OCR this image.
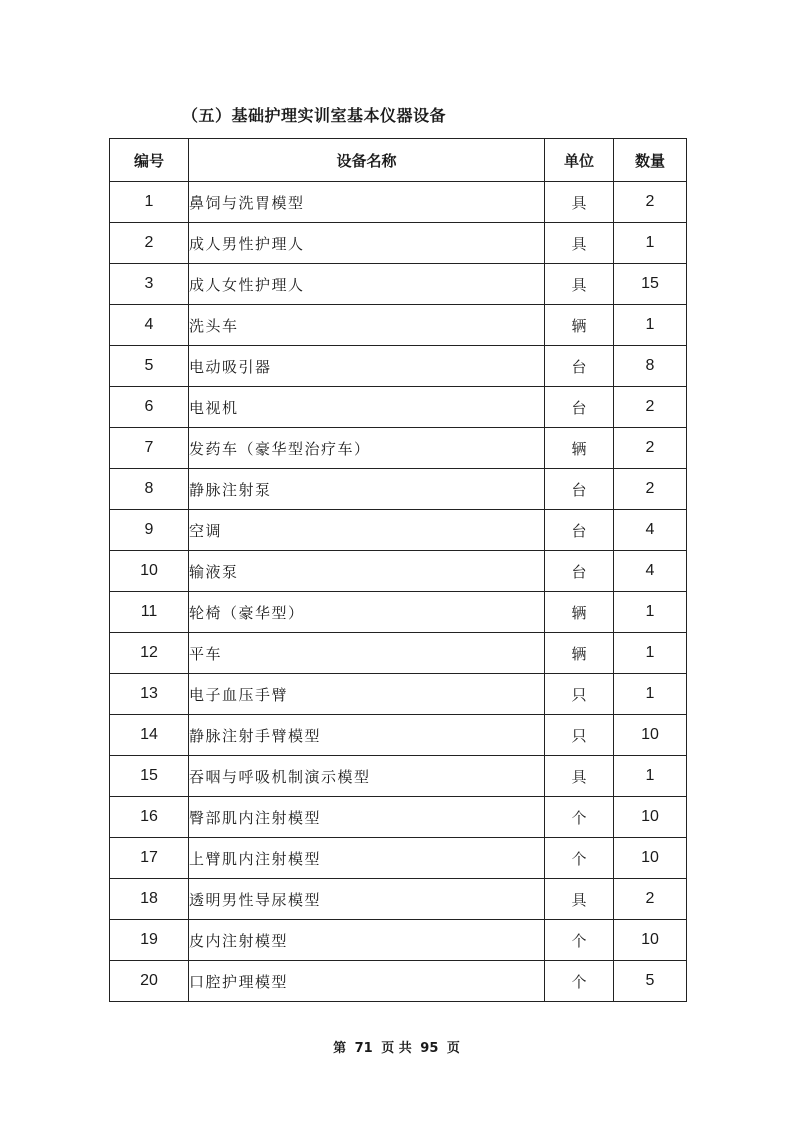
（五）基础护理实训室基本仪器设备
编号	设备名称	单位	数量
1	鼻饲与洗胃模型	具	2
2	成人男性护理人	具	1
3	成人女性护理人	具	15
4	洗头车	辆	1
5	电动吸引器	台	8
6	电视机	台	2
7	发药车（豪华型治疗车）	辆	2
8	静脉注射泵	台	2
9	空调	台	4
10	输液泵	台	4
11	轮椅（豪华型）	辆	1
12	平车	辆	1
13	电子血压手臂	只	1
14	静脉注射手臂模型	只	10
15	吞咽与呼吸机制演示模型	具	1
16	臀部肌内注射模型	个	10
17	上臂肌内注射模型	个	10
18	透明男性导尿模型	具	2
19	皮内注射模型	个	10
20	口腔护理模型	个	5
第 71 页 共 95 页
